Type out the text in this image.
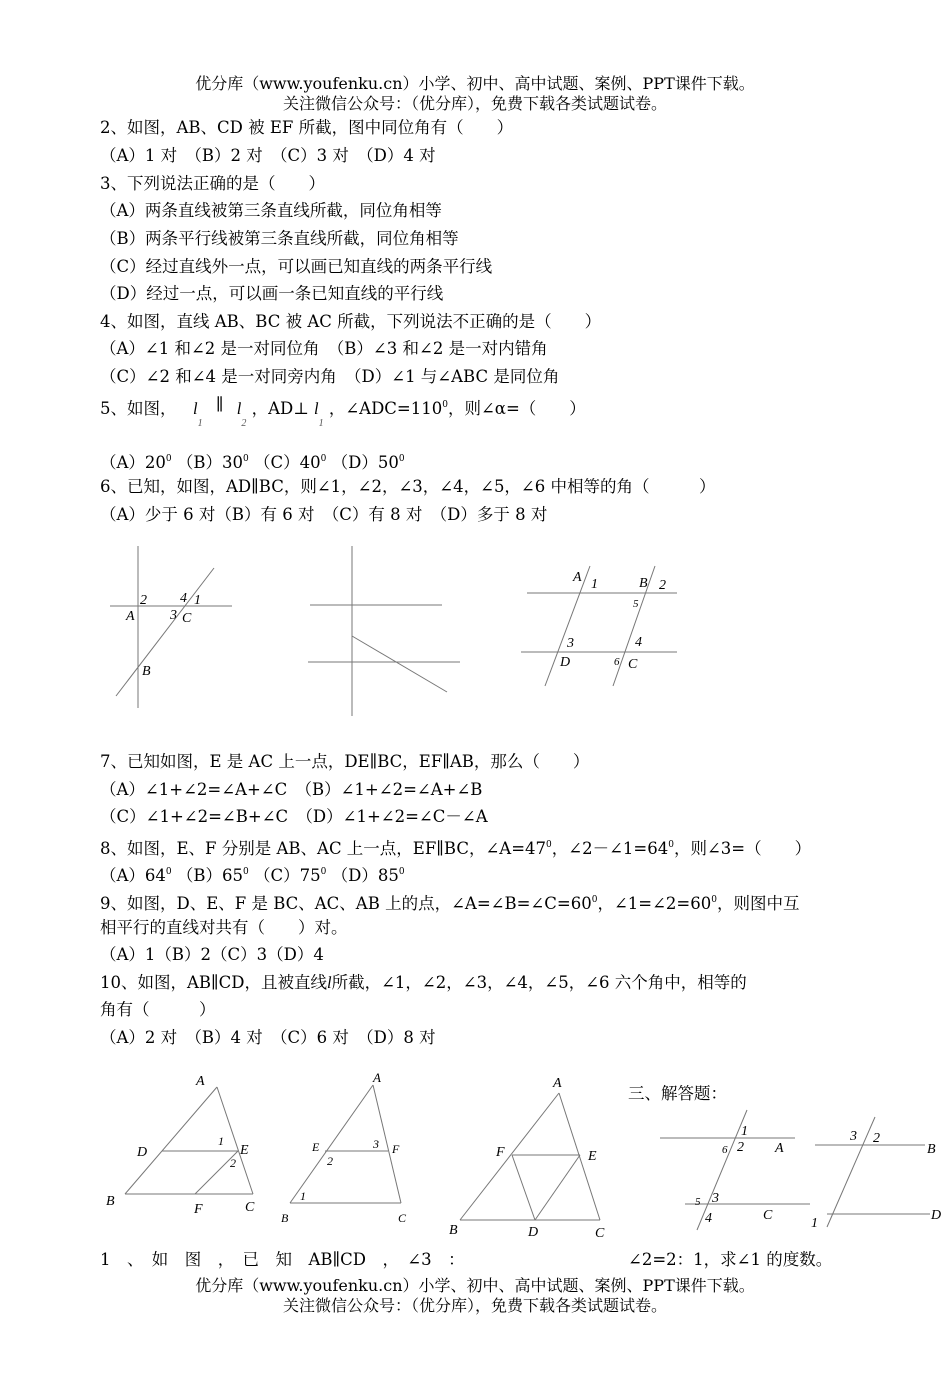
优分库（www.youfenku.cn）小学、初中、高中试题、案例、PPT课件下载。
关注微信公众号：（优分库），免费下载各类试题试卷。
2、如图，AB、CD 被 EF 所截，图中同位角有（　　）
（A）1 对　（B）2 对　（C）3 对　（D）4 对
3、下列说法正确的是（　　）
（A）两条直线被第三条直线所截，同位角相等
（B）两条平行线被第三条直线所截，同位角相等
（C）经过直线外一点，可以画已知直线的两条平行线
（D）经过一点，可以画一条已知直线的平行线
4、如图，直线 AB、BC 被 AC 所截，下列说法不正确的是（　　）
（A）∠1 和∠2 是一对同位角　（B）∠3 和∠2 是一对内错角
（C）∠2 和∠4 是一对同旁内角　（D）∠1 与∠ABC 是同位角
5、如图， $l_1$ ∥ $l_2$ ，AD⊥ $l_1$ ，$\angle ADC=110^0$，则∠α=（　　）
$(A)20^0$ $(B)30^0$ $(C)40^0$ $(D)50^0$
6、已知，如图，AD∥BC，则∠1，∠2，∠3，∠4，∠5，∠6 中相等的角（　　　）
（A）少于 6 对（B）有 6 对　（C）有 8 对　（D）多于 8 对
2 4 1
A	3 C
B
A 1	B 2
5
3	4
D	6 C
7、已知如图，E 是 AC 上一点，DE∥BC，EF∥AB，那么（　　）
（A）∠1+∠2=∠A+∠C　（B）∠1+∠2=∠A+∠B
（C）∠1+∠2=∠B+∠C　（D）∠1+∠2=∠C－∠A
8、如图，E、F 分别是 AB、AC 上一点，EF∥BC，$\angle A=47^0$，$\angle 2-\angle 1=64^0$，则∠3=（　　）
$(A)64^0$ $(B)65^0$ $(C)75^0$ $(D)85^0$
9、如图，D、E、F 是 BC、AC、AB 上的点，$\angle A=\angle B=\angle C=60^0$，$\angle 1=\angle 2=60^0$，则图中互
相平行的直线对共有（　　）对。
（A）1（B）2（C）3（D）4
10、如图，AB∥CD，且被直线l所截，∠1，∠2，∠3，∠4，∠5，∠6 六个角中，相等的
角有（　　　）
（A）2 对　（B）4 对　（C）6 对　（D）8 对
A
D
1
E
2
B
F	C
A
E	3 F
2
1
B	C
A
F	E
B	D	C
三、解答题：
1
6 2 A
3 2
B
5 3
4	C
1
D
1　、　如　图　，　已　知　AB∥CD　，　∠3　：	∠2=2：1，求∠1 的度数。
优分库（www.youfenku.cn）小学、初中、高中试题、案例、PPT课件下载。
关注微信公众号：（优分库），免费下载各类试题试卷。
